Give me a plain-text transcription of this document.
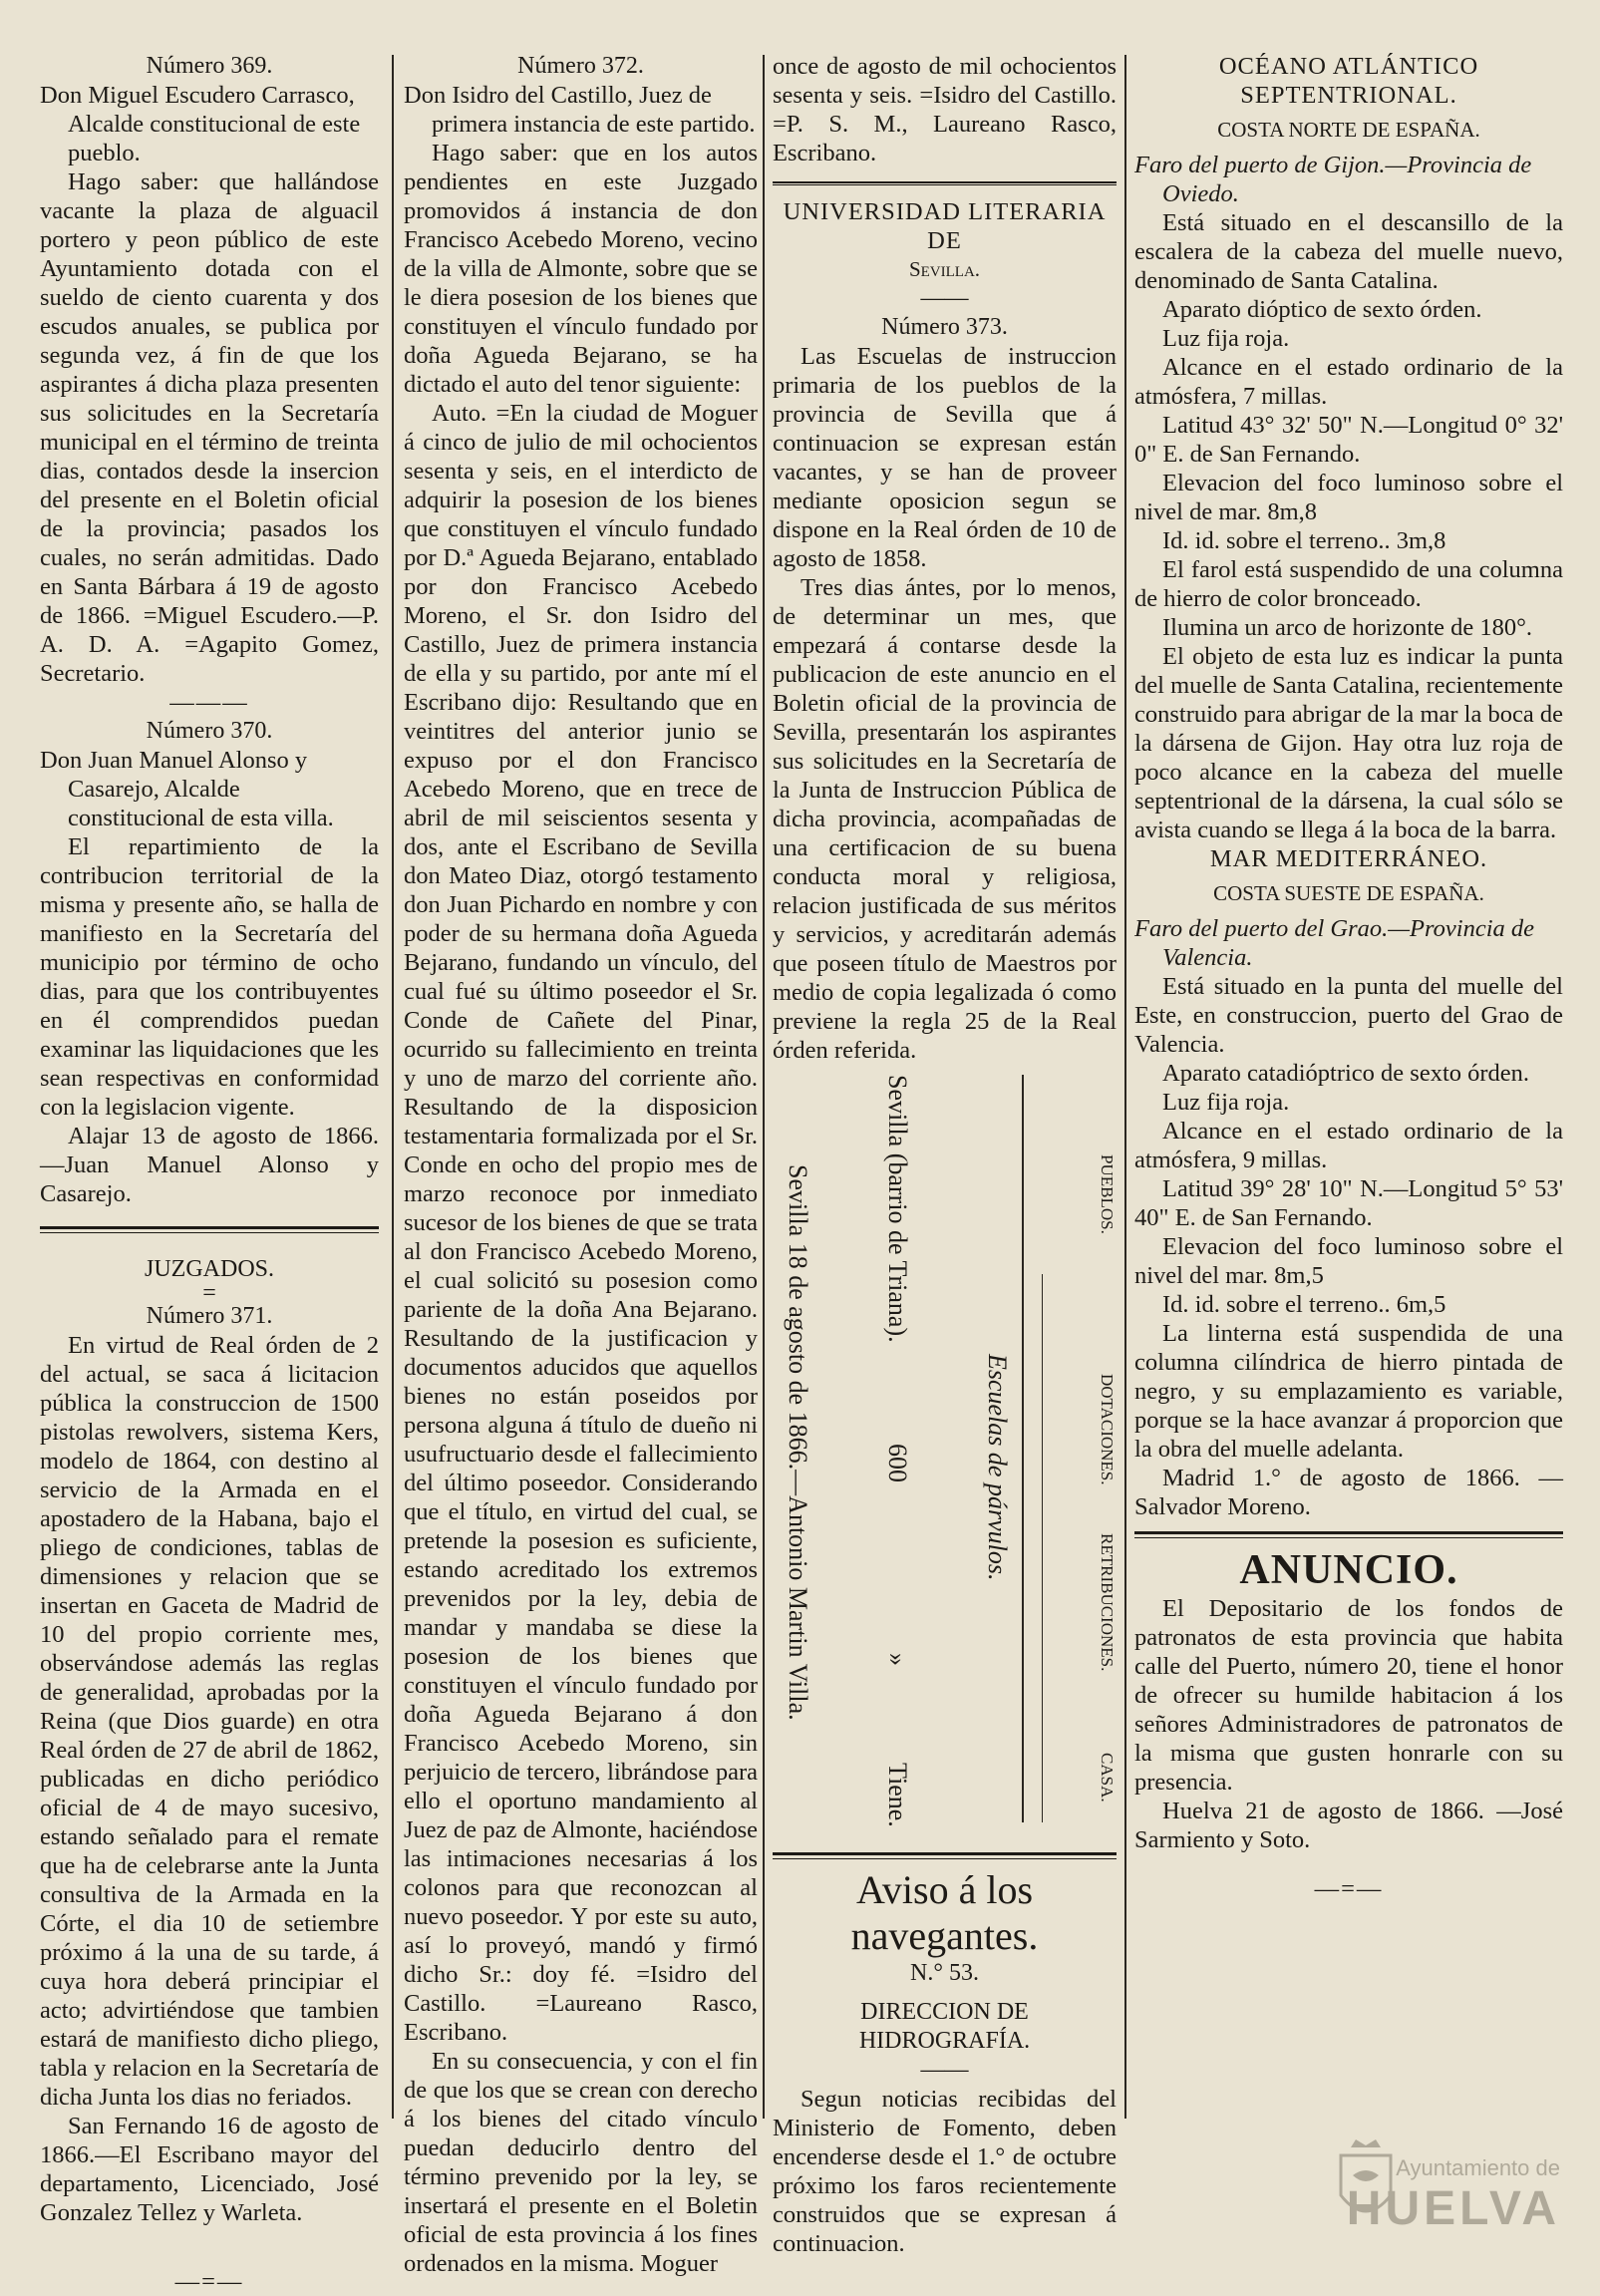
Número 369.

Don Miguel Escudero Carrasco, Alcalde constitucional de este pueblo.

Hago saber: que hallándose vacante la plaza de alguacil portero y peon público de este Ayuntamiento dotada con el sueldo de ciento cuarenta y dos escudos anuales, se publica por segunda vez, á fin de que los aspirantes á dicha plaza presenten sus solicitudes en la Secretaría municipal en el término de treinta dias, contados desde la insercion del presente en el Boletin oficial de la provincia; pasados los cuales, no serán admitidas. Dado en Santa Bárbara á 19 de agosto de 1866. =Miguel Escudero.—P. A. D. A. =Agapito Gomez, Secretario.

———

Número 370.

Don Juan Manuel Alonso y Casarejo, Alcalde constitucional de esta villa.

El repartimiento de la contribucion territorial de la misma y presente año, se halla de manifiesto en la Secretaría del municipio por término de ocho dias, para que los contribuyentes en él comprendidos puedan examinar las liquidaciones que les sean respectivas en conformidad con la legislacion vigente.

Alajar 13 de agosto de 1866. —Juan Manuel Alonso y Casarejo.

JUZGADOS.

=

Número 371.

En virtud de Real órden de 2 del actual, se saca á licitacion pública la construccion de 1500 pistolas rewolvers, sistema Kers, modelo de 1864, con destino al servicio de la Armada en el apostadero de la Habana, bajo el pliego de condiciones, tablas de dimensiones y relacion que se insertan en Gaceta de Madrid de 10 del propio corriente mes, observándose además las reglas de generalidad, aprobadas por la Reina (que Dios guarde) en otra Real órden de 27 de abril de 1862, publicadas en dicho periódico oficial de 4 de mayo sucesivo, estando señalado para el remate que ha de celebrarse ante la Junta consultiva de la Armada en la Córte, el dia 10 de setiembre próximo á la una de su tarde, á cuya hora deberá principiar el acto; advirtiéndose que tambien estará de manifiesto dicho pliego, tabla y relacion en la Secretaría de dicha Junta los dias no feriados.

San Fernando 16 de agosto de 1866.—El Escribano mayor del departamento, Licenciado, José Gonzalez Tellez y Warleta.

—=—

Número 372.

Don Isidro del Castillo, Juez de primera instancia de este partido.

Hago saber: que en los autos pendientes en este Juzgado promovidos á instancia de don Francisco Acebedo Moreno, vecino de la villa de Almonte, sobre que se le diera posesion de los bienes que constituyen el vínculo fundado por doña Agueda Bejarano, se ha dictado el auto del tenor siguiente:

Auto. =En la ciudad de Moguer á cinco de julio de mil ochocientos sesenta y seis, en el interdicto de adquirir la posesion de los bienes que constituyen el vínculo fundado por D.ª Agueda Bejarano, entablado por don Francisco Acebedo Moreno, el Sr. don Isidro del Castillo, Juez de primera instancia de ella y su partido, por ante mí el Escribano dijo: Resultando que en veintitres del anterior junio se expuso por el don Francisco Acebedo Moreno, que en trece de abril de mil seiscientos sesenta y dos, ante el Escribano de Sevilla don Mateo Diaz, otorgó testamento don Juan Pichardo en nombre y con poder de su hermana doña Agueda Bejarano, fundando un vínculo, del cual fué su último poseedor el Sr. Conde de Cañete del Pinar, ocurrido su fallecimiento en treinta y uno de marzo del corriente año. Resultando de la disposicion testamentaria formalizada por el Sr. Conde en ocho del propio mes de marzo reconoce por inmediato sucesor de los bienes de que se trata al don Francisco Acebedo Moreno, el cual solicitó su posesion como pariente de la doña Ana Bejarano. Resultando de la justificacion y documentos aducidos que aquellos bienes no están poseidos por persona alguna á título de dueño ni usufructuario desde el fallecimiento del último poseedor. Considerando que el título, en virtud del cual, se pretende la posesion es suficiente, estando acreditado los extremos prevenidos por la ley, debia de mandar y mandaba se diese la posesion de los bienes que constituyen el vínculo fundado por doña Agueda Bejarano á don Francisco Acebedo Moreno, sin perjuicio de tercero, librándose para ello el oportuno mandamiento al Juez de paz de Almonte, haciéndose las intimaciones necesarias á los colonos para que reconozcan al nuevo poseedor. Y por este su auto, así lo proveyó, mandó y firmó dicho Sr.: doy fé. =Isidro del Castillo. =Laureano Rasco, Escribano.

En su consecuencia, y con el fin de que los que se crean con derecho á los bienes del citado vínculo puedan deducirlo dentro del término prevenido por la ley, se insertará el presente en el Boletin oficial de esta provincia á los fines ordenados en la misma. Moguer

once de agosto de mil ochocientos sesenta y seis. =Isidro del Castillo. =P. S. M., Laureano Rasco, Escribano.

UNIVERSIDAD LITERARIA DE

Sevilla.

——

Número 373.

Las Escuelas de instruccion primaria de los pueblos de la provincia de Sevilla que á continuacion se expresan están vacantes, y se han de proveer mediante oposicion segun se dispone en la Real órden de 10 de agosto de 1858.

Tres dias ántes, por lo menos, de determinar un mes, que empezará á contarse desde la publicacion de este anuncio en el Boletin oficial de la provincia de Sevilla, presentarán los aspirantes sus solicitudes en la Secretaría de la Junta de Instruccion Pública de dicha provincia, acompañadas de una certificacion de su buena conducta moral y religiosa, relacion justificada de sus méritos y servicios, y acreditarán además que poseen título de Maestros por medio de copia legalizada ó como previene la regla 25 de la Real órden referida.

Sevilla 18 de agosto de 1866.—Antonio Martin Villa.	Sevilla (barrio de Triana).
600	Escuelas de párvulos.
»
Tiene.
PUEBLOS.
DOTACIONES.
RETRIBUCIONES.
CASA.

Aviso á los navegantes.

N.° 53.

DIRECCION DE HIDROGRAFÍA.

——

Segun noticias recibidas del Ministerio de Fomento, deben encenderse desde el 1.° de octubre próximo los faros recientemente construidos que se expresan á continuacion.

OCÉANO ATLÁNTICO SEPTENTRIONAL.

COSTA NORTE DE ESPAÑA.

Faro del puerto de Gijon.—Provincia de Oviedo.

Está situado en el descansillo de la escalera de la cabeza del muelle nuevo, denominado de Santa Catalina.

Aparato dióptico de sexto órden.

Luz fija roja.

Alcance en el estado ordinario de la atmósfera, 7 millas.

Latitud 43° 32' 50" N.—Longitud 0° 32' 0" E. de San Fernando.

Elevacion del foco luminoso sobre el nivel de mar. 8m,8

Id. id. sobre el terreno.. 3m,8

El farol está suspendido de una columna de hierro de color bronceado.

Ilumina un arco de horizonte de 180°.

El objeto de esta luz es indicar la punta del muelle de Santa Catalina, recientemente construido para abrigar de la mar la boca de la dársena de Gijon. Hay otra luz roja de poco alcance en la cabeza del muelle septentrional de la dársena, la cual sólo se avista cuando se llega á la boca de la barra.

MAR MEDITERRÁNEO.

COSTA SUESTE DE ESPAÑA.

Faro del puerto del Grao.—Provincia de Valencia.

Está situado en la punta del muelle del Este, en construccion, puerto del Grao de Valencia.

Aparato catadióptrico de sexto órden.

Luz fija roja.

Alcance en el estado ordinario de la atmósfera, 9 millas.

Latitud 39° 28' 10" N.—Longitud 5° 53' 40" E. de San Fernando.

Elevacion del foco luminoso sobre el nivel del mar. 8m,5

Id. id. sobre el terreno.. 6m,5

La linterna está suspendida de una columna cilíndrica de hierro pintada de negro, y su emplazamiento es variable, porque se la hace avanzar á proporcion que la obra del muelle adelanta.

Madrid 1.° de agosto de 1866. —Salvador Moreno.

ANUNCIO.

El Depositario de los fondos de patronatos de esta provincia que habita calle del Puerto, número 20, tiene el honor de ofrecer su humilde habitacion á los señores Administradores de patronatos de la misma que gusten honrarle con su presencia.

Huelva 21 de agosto de 1866. —José Sarmiento y Soto.

—=—

Ayuntamiento de
HUELVA
